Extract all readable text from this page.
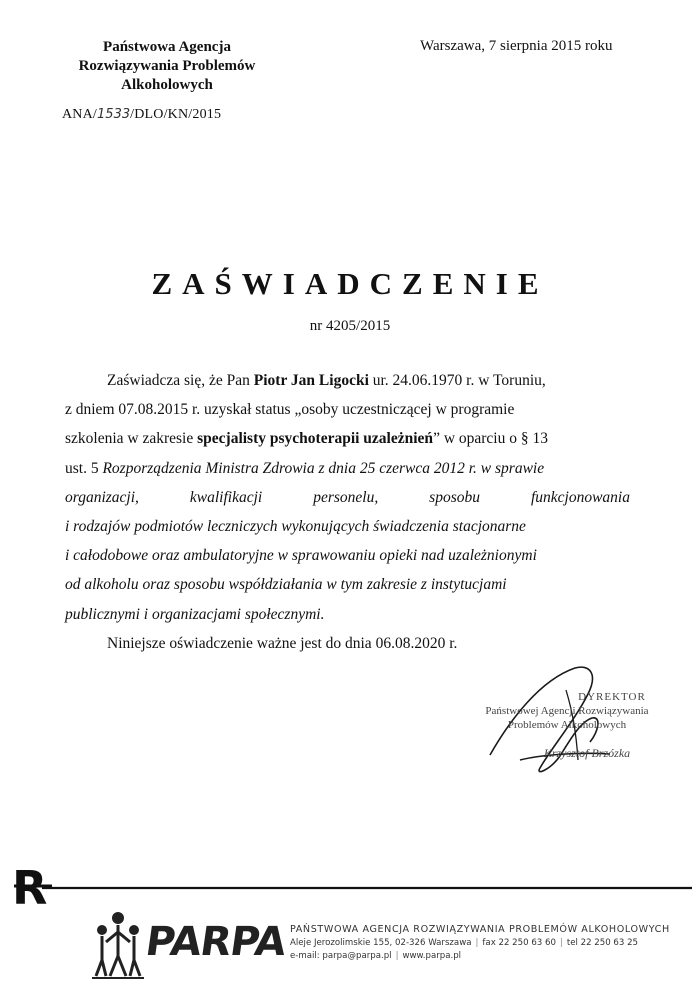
Państwowa Agencja
Rozwiązywania Problemów
Alkoholowych
Warszawa, 7 sierpnia 2015 roku
ANA/1533/DLO/KN/2015
ZAŚWIADCZENIE
nr 4205/2015
Zaświadcza się, że Pan Piotr Jan Ligocki ur. 24.06.1970 r. w Toruniu,
z dniem 07.08.2015 r. uzyskał status „osoby uczestniczącej w programie
szkolenia w zakresie specjalisty psychoterapii uzależnień” w oparciu o § 13
ust. 5 Rozporządzenia Ministra Zdrowia z dnia 25 czerwca 2012 r. w sprawie
organizacji,	kwalifikacji	personelu,	sposobu	funkcjonowania
i rodzajów podmiotów leczniczych wykonujących świadczenia stacjonarne
i całodobowe oraz ambulatoryjne w sprawowaniu opieki nad uzależnionymi
od alkoholu oraz sposobu współdziałania w tym zakresie z instytucjami
publicznymi i organizacjami społecznymi.
Niniejsze oświadczenie ważne jest do dnia 06.08.2020 r.
DYREKTOR
Państwowej Agencji Rozwiązywania
Problemów Alkoholowych
Krzysztof Brzózka
R
PARPA PAŃSTWOWA AGENCJA ROZWIĄZYWANIA PROBLEMÓW ALKOHOLOWYCH
Aleje Jerozolimskie 155, 02-326 Warszawa | fax 22 250 63 60 | tel 22 250 63 25
e-mail: parpa@parpa.pl | www.parpa.pl
